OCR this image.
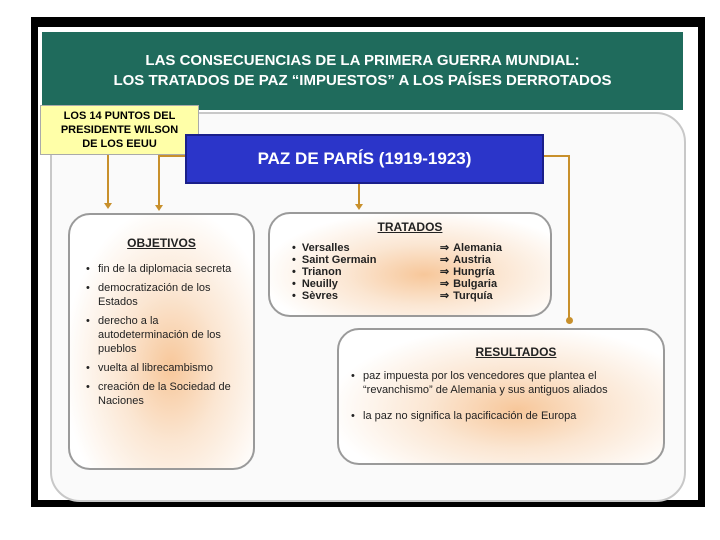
LAS CONSECUENCIAS DE LA PRIMERA GUERRA MUNDIAL:
LOS TRATADOS DE PAZ “IMPUESTOS” A LOS PAÍSES DERROTADOS
LOS 14 PUNTOS DEL
PRESIDENTE WILSON
DE LOS EEUU
PAZ DE PARÍS (1919-1923)
OBJETIVOS
• fin de la diplomacia secreta
• democratización de los Estados
• derecho a la autodeterminación de los pueblos
• vuelta al librecambismo
• creación de la Sociedad de Naciones
TRATADOS
•	Versalles	⇒	Alemania
•	Saint Germain	⇒	Austria
•	Trianon	⇒	Hungría
•	Neuilly	⇒	Bulgaria
•	Sèvres	⇒	Turquía
RESULTADOS
• paz impuesta por los vencedores que plantea el “revanchismo” de Alemania y sus antiguos aliados
• la paz no significa la pacificación de Europa
